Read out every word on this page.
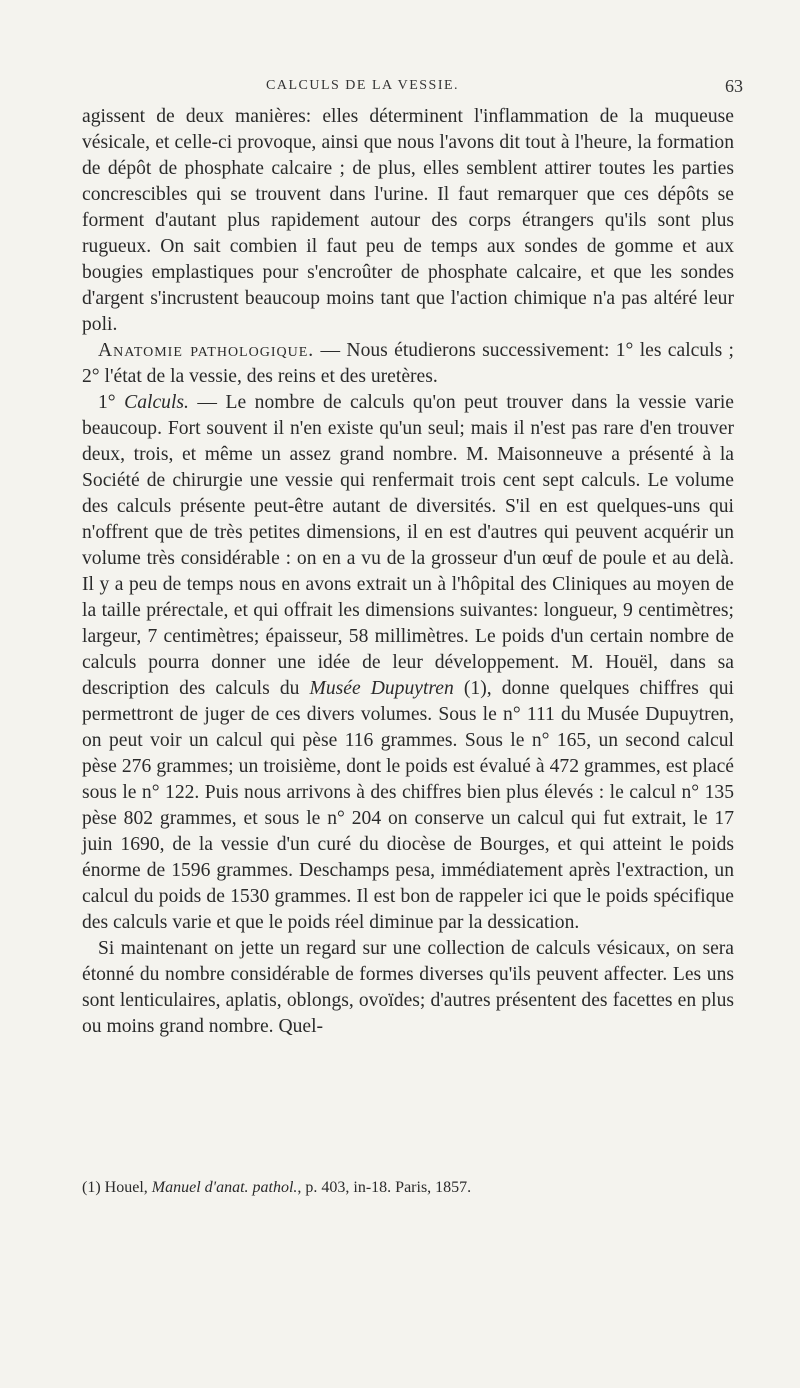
CALCULS DE LA VESSIE.	63

agissent de deux manières: elles déterminent l'inflammation de la muqueuse vésicale, et celle-ci provoque, ainsi que nous l'avons dit tout à l'heure, la formation de dépôt de phosphate calcaire ; de plus, elles semblent attirer toutes les parties concrescibles qui se trouvent dans l'urine. Il faut remarquer que ces dépôts se forment d'autant plus rapidement autour des corps étrangers qu'ils sont plus rugueux. On sait combien il faut peu de temps aux sondes de gomme et aux bougies emplastiques pour s'encroûter de phosphate calcaire, et que les sondes d'argent s'incrustent beaucoup moins tant que l'action chimique n'a pas altéré leur poli.

Anatomie pathologique. — Nous étudierons successivement: 1° les calculs ; 2° l'état de la vessie, des reins et des uretères.

1° Calculs. — Le nombre de calculs qu'on peut trouver dans la vessie varie beaucoup. Fort souvent il n'en existe qu'un seul; mais il n'est pas rare d'en trouver deux, trois, et même un assez grand nombre. M. Maisonneuve a présenté à la Société de chirurgie une vessie qui renfermait trois cent sept calculs. Le volume des calculs présente peut-être autant de diversités. S'il en est quelques-uns qui n'offrent que de très petites dimensions, il en est d'autres qui peuvent acquérir un volume très considérable : on en a vu de la grosseur d'un œuf de poule et au delà. Il y a peu de temps nous en avons extrait un à l'hôpital des Cliniques au moyen de la taille prérectale, et qui offrait les dimensions suivantes: longueur, 9 centimètres; largeur, 7 centimètres; épaisseur, 58 millimètres. Le poids d'un certain nombre de calculs pourra donner une idée de leur développement. M. Houël, dans sa description des calculs du Musée Dupuytren (1), donne quelques chiffres qui permettront de juger de ces divers volumes. Sous le n° 111 du Musée Dupuytren, on peut voir un calcul qui pèse 116 grammes. Sous le n° 165, un second calcul pèse 276 grammes; un troisième, dont le poids est évalué à 472 grammes, est placé sous le n° 122. Puis nous arrivons à des chiffres bien plus élevés : le calcul n° 135 pèse 802 grammes, et sous le n° 204 on conserve un calcul qui fut extrait, le 17 juin 1690, de la vessie d'un curé du diocèse de Bourges, et qui atteint le poids énorme de 1596 grammes. Deschamps pesa, immédiatement après l'extraction, un calcul du poids de 1530 grammes. Il est bon de rappeler ici que le poids spécifique des calculs varie et que le poids réel diminue par la dessication.

Si maintenant on jette un regard sur une collection de calculs vésicaux, on sera étonné du nombre considérable de formes diverses qu'ils peuvent affecter. Les uns sont lenticulaires, aplatis, oblongs, ovoïdes; d'autres présentent des facettes en plus ou moins grand nombre. Quel-

(1) Houel, Manuel d'anat. pathol., p. 403, in-18. Paris, 1857.
